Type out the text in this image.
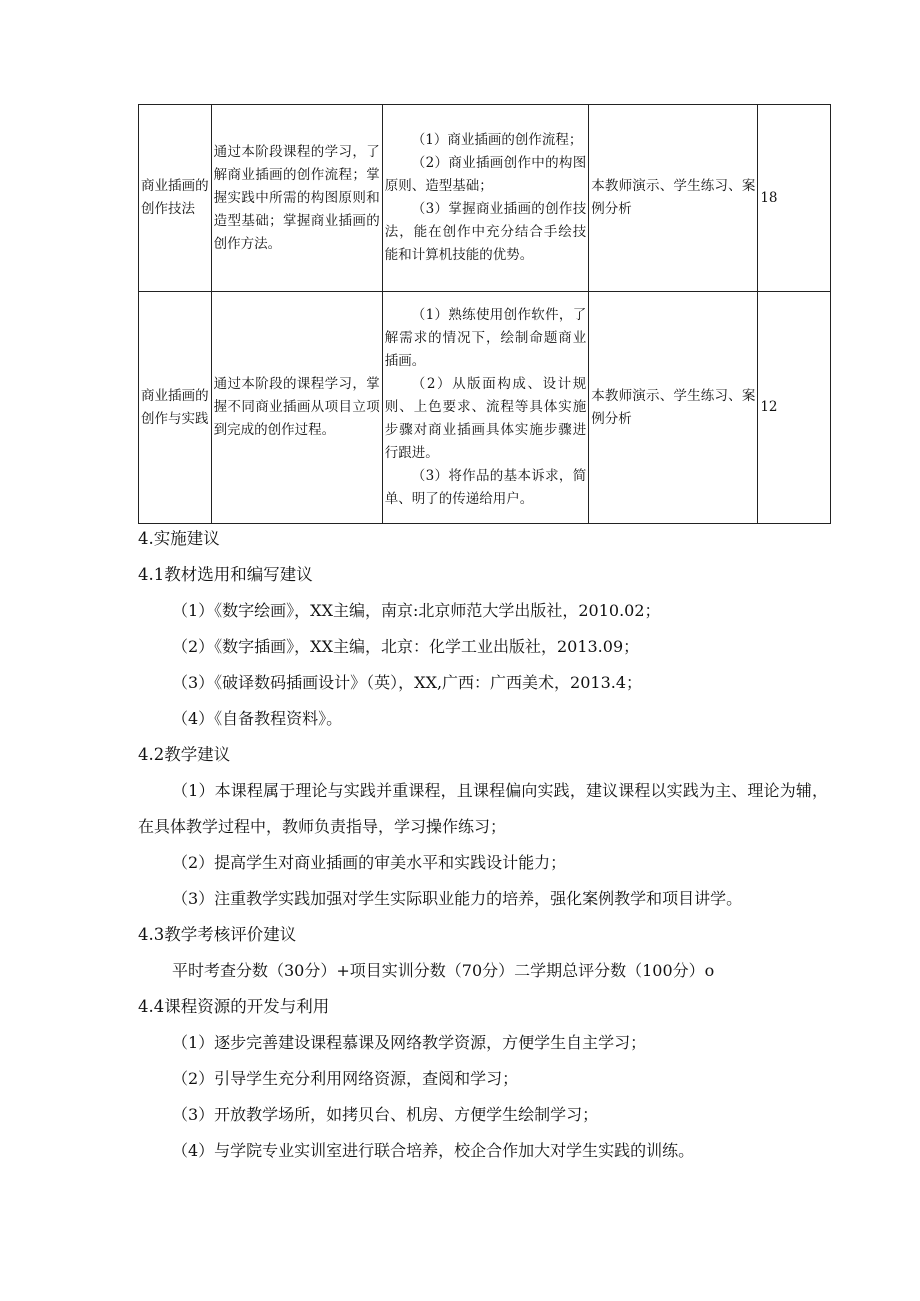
商业插画的创作技法	通过本阶段课程的学习，了解商业插画的创作流程；掌握实践中所需的构图原则和造型基础；掌握商业插画的创作方法。	（1）商业插画的创作流程；
（2）商业插画创作中的构图原则、造型基础；
（3）掌握商业插画的创作技法，能在创作中充分结合手绘技能和计算机技能的优势。	本教师演示、学生练习、案例分析	18
商业插画的创作与实践	通过本阶段的课程学习，掌握不同商业插画从项目立项到完成的创作过程。	（1）熟练使用创作软件，了解需求的情况下，绘制命题商业插画。
（2）从版面构成、设计规则、上色要求、流程等具体实施步骤对商业插画具体实施步骤进行跟进。
（3）将作品的基本诉求，简单、明了的传递给用户。	本教师演示、学生练习、案例分析	12
4.实施建议
4.1教材选用和编写建议
（1）《数字绘画》，XX主编，南京:北京师范大学出版社，2010.02；
（2）《数字插画》，XX主编，北京：化学工业出版社，2013.09；
（3）《破译数码插画设计》（英），XX,广西：广西美术，2013.4；
（4）《自备教程资料》。
4.2教学建议

（1）本课程属于理论与实践并重课程，且课程偏向实践，建议课程以实践为主、理论为辅，在具体教学过程中，教师负责指导，学习操作练习；

（2）提高学生对商业插画的审美水平和实践设计能力；
（3）注重教学实践加强对学生实际职业能力的培养，强化案例教学和项目讲学。
4.3教学考核评价建议
平时考查分数（30分）+项目实训分数（70分）二学期总评分数（100分）o
4.4课程资源的开发与利用
（1）逐步完善建设课程慕课及网络教学资源，方便学生自主学习；
（2）引导学生充分利用网络资源，查阅和学习；
（3）开放教学场所，如拷贝台、机房、方便学生绘制学习；
（4）与学院专业实训室进行联合培养，校企合作加大对学生实践的训练。
